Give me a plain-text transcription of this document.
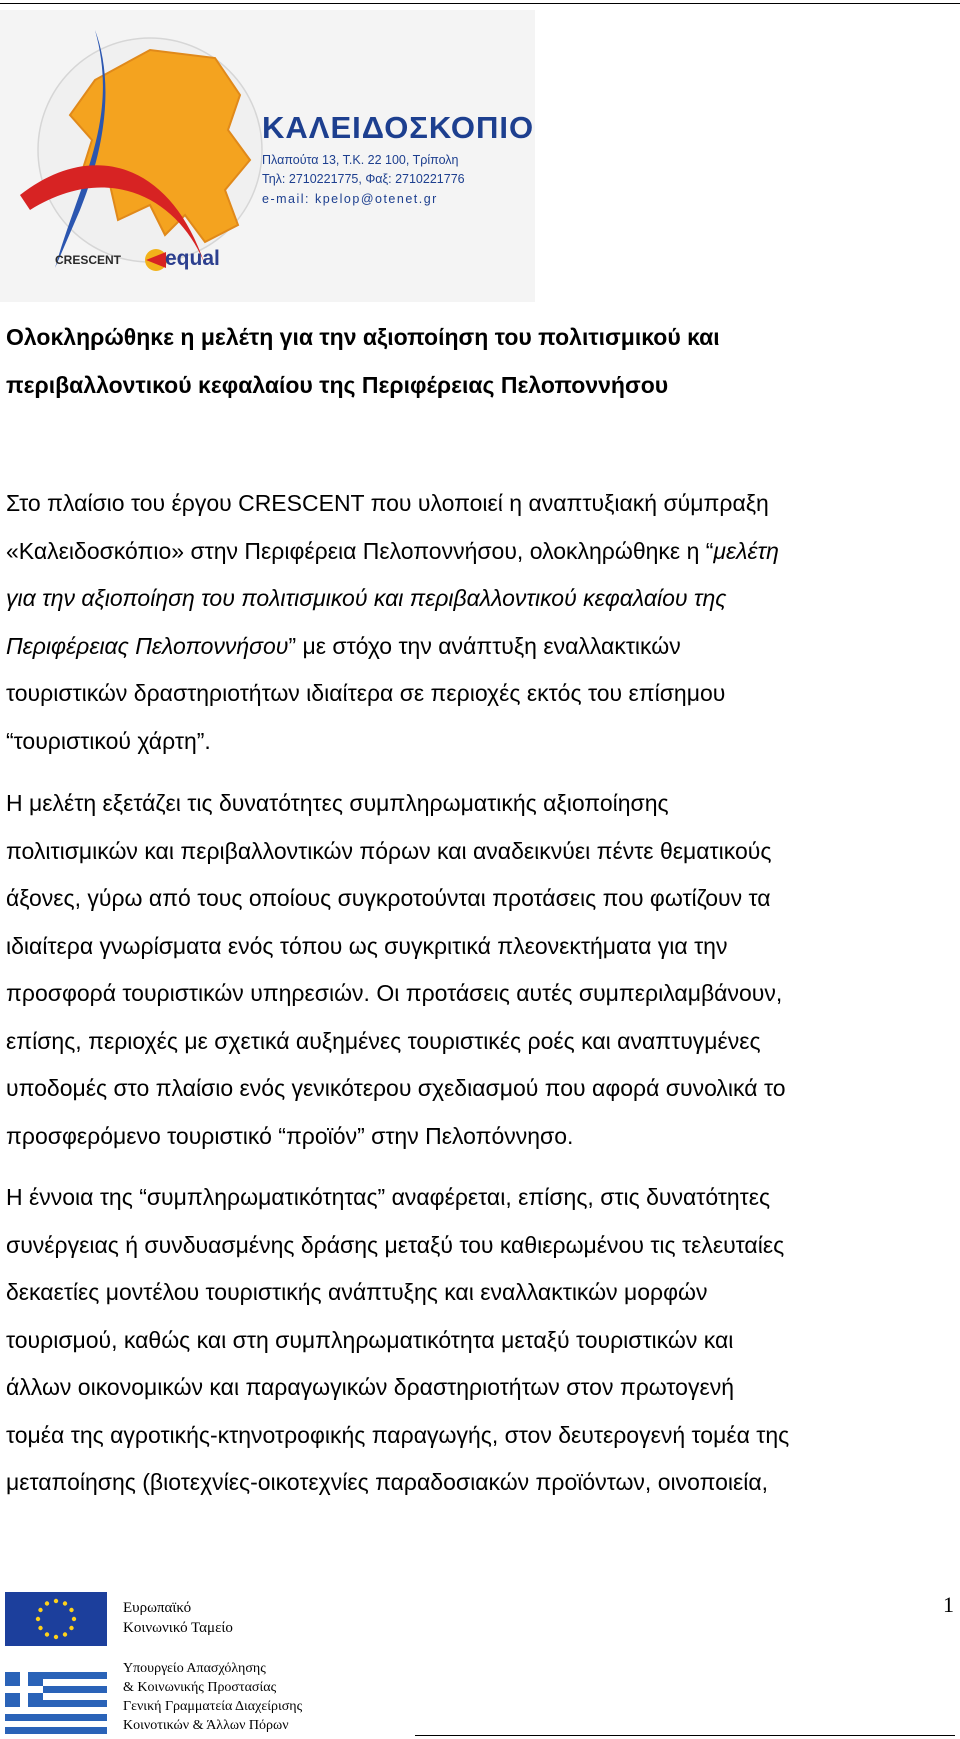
ΚΑΛΕΙΔΟΣΚΟΠΙΟ
Πλαπούτα 13, Τ.Κ. 22 100, Τρίπολη
Τηλ: 2710221775, Φαξ: 2710221776
e-mail: kpelop@otenet.gr
CRESCENT equal
Ολοκληρώθηκε η μελέτη για την αξιοποίηση του πολιτισμικού και
περιβαλλοντικού κεφαλαίου της Περιφέρειας Πελοποννήσου
Στο πλαίσιο του έργου CRESCENT που υλοποιεί η αναπτυξιακή σύμπραξη
«Καλειδοσκόπιο» στην Περιφέρεια Πελοποννήσου, ολοκληρώθηκε η “μελέτη
για την αξιοποίηση του πολιτισμικού και περιβαλλοντικού κεφαλαίου της
Περιφέρειας Πελοποννήσου” με στόχο την ανάπτυξη εναλλακτικών
τουριστικών δραστηριοτήτων ιδιαίτερα σε περιοχές εκτός του επίσημου
“τουριστικού χάρτη”.
Η μελέτη εξετάζει τις δυνατότητες συμπληρωματικής αξιοποίησης
πολιτισμικών και περιβαλλοντικών πόρων και αναδεικνύει πέντε θεματικούς
άξονες, γύρω από τους οποίους συγκροτούνται προτάσεις που φωτίζουν τα
ιδιαίτερα γνωρίσματα ενός τόπου ως συγκριτικά πλεονεκτήματα για την
προσφορά τουριστικών υπηρεσιών. Οι προτάσεις αυτές συμπεριλαμβάνουν,
επίσης, περιοχές με σχετικά αυξημένες τουριστικές ροές και αναπτυγμένες
υποδομές στο πλαίσιο ενός γενικότερου σχεδιασμού που αφορά συνολικά το
προσφερόμενο τουριστικό “προϊόν” στην Πελοπόννησο.
Η έννοια της “συμπληρωματικότητας” αναφέρεται, επίσης, στις δυνατότητες
συνέργειας ή συνδυασμένης δράσης μεταξύ του καθιερωμένου τις τελευταίες
δεκαετίες μοντέλου τουριστικής ανάπτυξης και εναλλακτικών μορφών
τουρισμού, καθώς και στη συμπληρωματικότητα μεταξύ τουριστικών και
άλλων οικονομικών και παραγωγικών δραστηριοτήτων στον πρωτογενή
τομέα της αγροτικής-κτηνοτροφικής παραγωγής, στον δευτερογενή τομέα της
μεταποίησης (βιοτεχνίες-οικοτεχνίες παραδοσιακών προϊόντων, οινοποιεία,
1
Ευρωπαϊκό
Κοινωνικό Ταμείο
Υπουργείο Απασχόλησης
& Κοινωνικής Προστασίας
Γενική Γραμματεία Διαχείρισης
Κοινοτικών & Άλλων Πόρων
